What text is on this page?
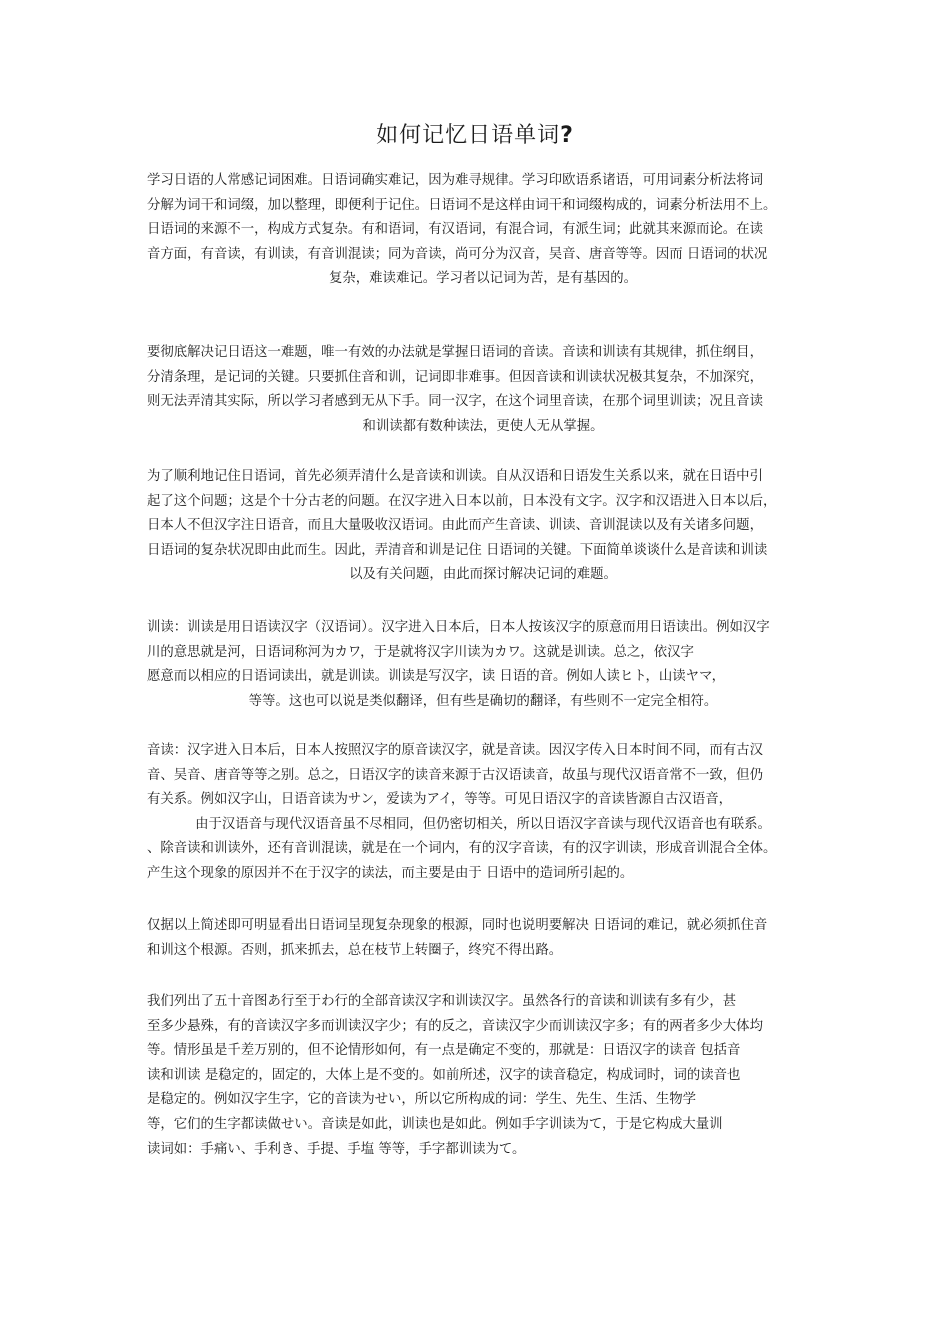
如何记忆日语单词?
学习日语的人常感记词困难。日语词确实难记，因为难寻规律。学习印欧语系诸语，可用词素分析法将词
分解为词干和词缀，加以整理，即便利于记住。日语词不是这样由词干和词缀构成的，词素分析法用不上。
日语词的来源不一，构成方式复杂。有和语词，有汉语词，有混合词，有派生词；此就其来源而论。在读
音方面，有音读，有训读，有音训混读；同为音读，尚可分为汉音，吴音、唐音等等。因而 日语词的状况
复杂，难读难记。学习者以记词为苦，是有基因的。
要彻底解决记日语这一难题，唯一有效的办法就是掌握日语词的音读。音读和训读有其规律，抓住纲目，
分清条理，是记词的关键。只要抓住音和训，记词即非难事。但因音读和训读状况极其复杂，不加深究，
则无法弄清其实际，所以学习者感到无从下手。同一汉字，在这个词里音读，在那个词里训读；况且音读
和训读都有数种读法，更使人无从掌握。
为了顺利地记住日语词，首先必须弄清什么是音读和训读。自从汉语和日语发生关系以来，就在日语中引
起了这个问题；这是个十分古老的问题。在汉字进入日本以前，日本没有文字。汉字和汉语进入日本以后，
日本人不但汉字注日语音，而且大量吸收汉语词。由此而产生音读、训读、音训混读以及有关诸多问题，
日语词的复杂状况即由此而生。因此，弄清音和训是记住 日语词的关键。下面简单谈谈什么是音读和训读
以及有关问题，由此而探讨解决记词的难题。
训读：训读是用日语读汉字（汉语词）。汉字进入日本后，日本人按该汉字的原意而用日语读出。例如汉字
川的意思就是河，日语词称河为カワ，于是就将汉字川读为カワ。这就是训读。总之，依汉字
愿意而以相应的日语词读出，就是训读。训读是写汉字，读 日语的音。例如人读ヒト，山读ヤマ，
等等。这也可以说是类似翻译，但有些是确切的翻译，有些则不一定完全相符。
音读：汉字进入日本后，日本人按照汉字的原音读汉字，就是音读。因汉字传入日本时间不同，而有古汉
音、吴音、唐音等等之别。总之，日语汉字的读音来源于古汉语读音，故虽与现代汉语音常不一致，但仍
有关系。例如汉字山，日语音读为サン，爱读为アイ，等等。可见日语汉字的音读皆源自古汉语音，
由于汉语音与现代汉语音虽不尽相同，但仍密切相关，所以日语汉字音读与现代汉语音也有联系。
、除音读和训读外，还有音训混读，就是在一个词内，有的汉字音读，有的汉字训读，形成音训混合全体。
产生这个现象的原因并不在于汉字的读法，而主要是由于 日语中的造词所引起的。
仅据以上简述即可明显看出日语词呈现复杂现象的根源，同时也说明要解决 日语词的难记，就必须抓住音
和训这个根源。否则，抓来抓去，总在枝节上转圈子，终究不得出路。
我们列出了五十音图あ行至于わ行的全部音读汉字和训读汉字。虽然各行的音读和训读有多有少，甚
至多少悬殊，有的音读汉字多而训读汉字少；有的反之，音读汉字少而训读汉字多；有的两者多少大体均
等。情形虽是千差万别的，但不论情形如何，有一点是确定不变的，那就是：日语汉字的读音 包括音
读和训读 是稳定的，固定的，大体上是不变的。如前所述，汉字的读音稳定，构成词时，词的读音也
是稳定的。例如汉字生字，它的音读为せい，所以它所构成的词：学生、先生、生活、生物学
等，它们的生字都读做せい。音读是如此，训读也是如此。例如手字训读为て，于是它构成大量训
读词如：手痛い、手利き、手提、手塩 等等，手字都训读为て。
